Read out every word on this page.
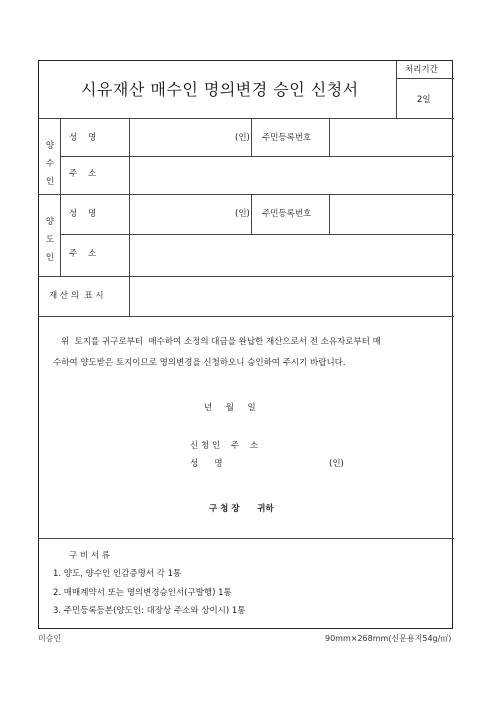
시유재산 매수인 명의변경 승인 신청서
처리기간
2일
양
수
인
성    명	(인) 주민등록번호
주    소
양
도
인
성    명	(인) 주민등록번호
주    소
재 산 의  표 시
위  토지를 귀구로부터  매수하여 소정의 대금을 완납한 재산으로서 전 소유자로부터 매
수하여 양도받은 토지이므로 명의변경을 신청하오니 승인하여 주시기 바랍니다.
년     월     일
신 청 인    주    소
성      명	(인)
구 청 장      귀하
구 비 서 류
1. 양도, 양수인 인감증명서 각 1통
2. 매매계약서 또는 명의변경승인서(구발행) 1통
3. 주민등록등본(양도인: 대장상 주소와 상이시) 1통
미승인	90mm×268mm(신문용지54g/㎡)
